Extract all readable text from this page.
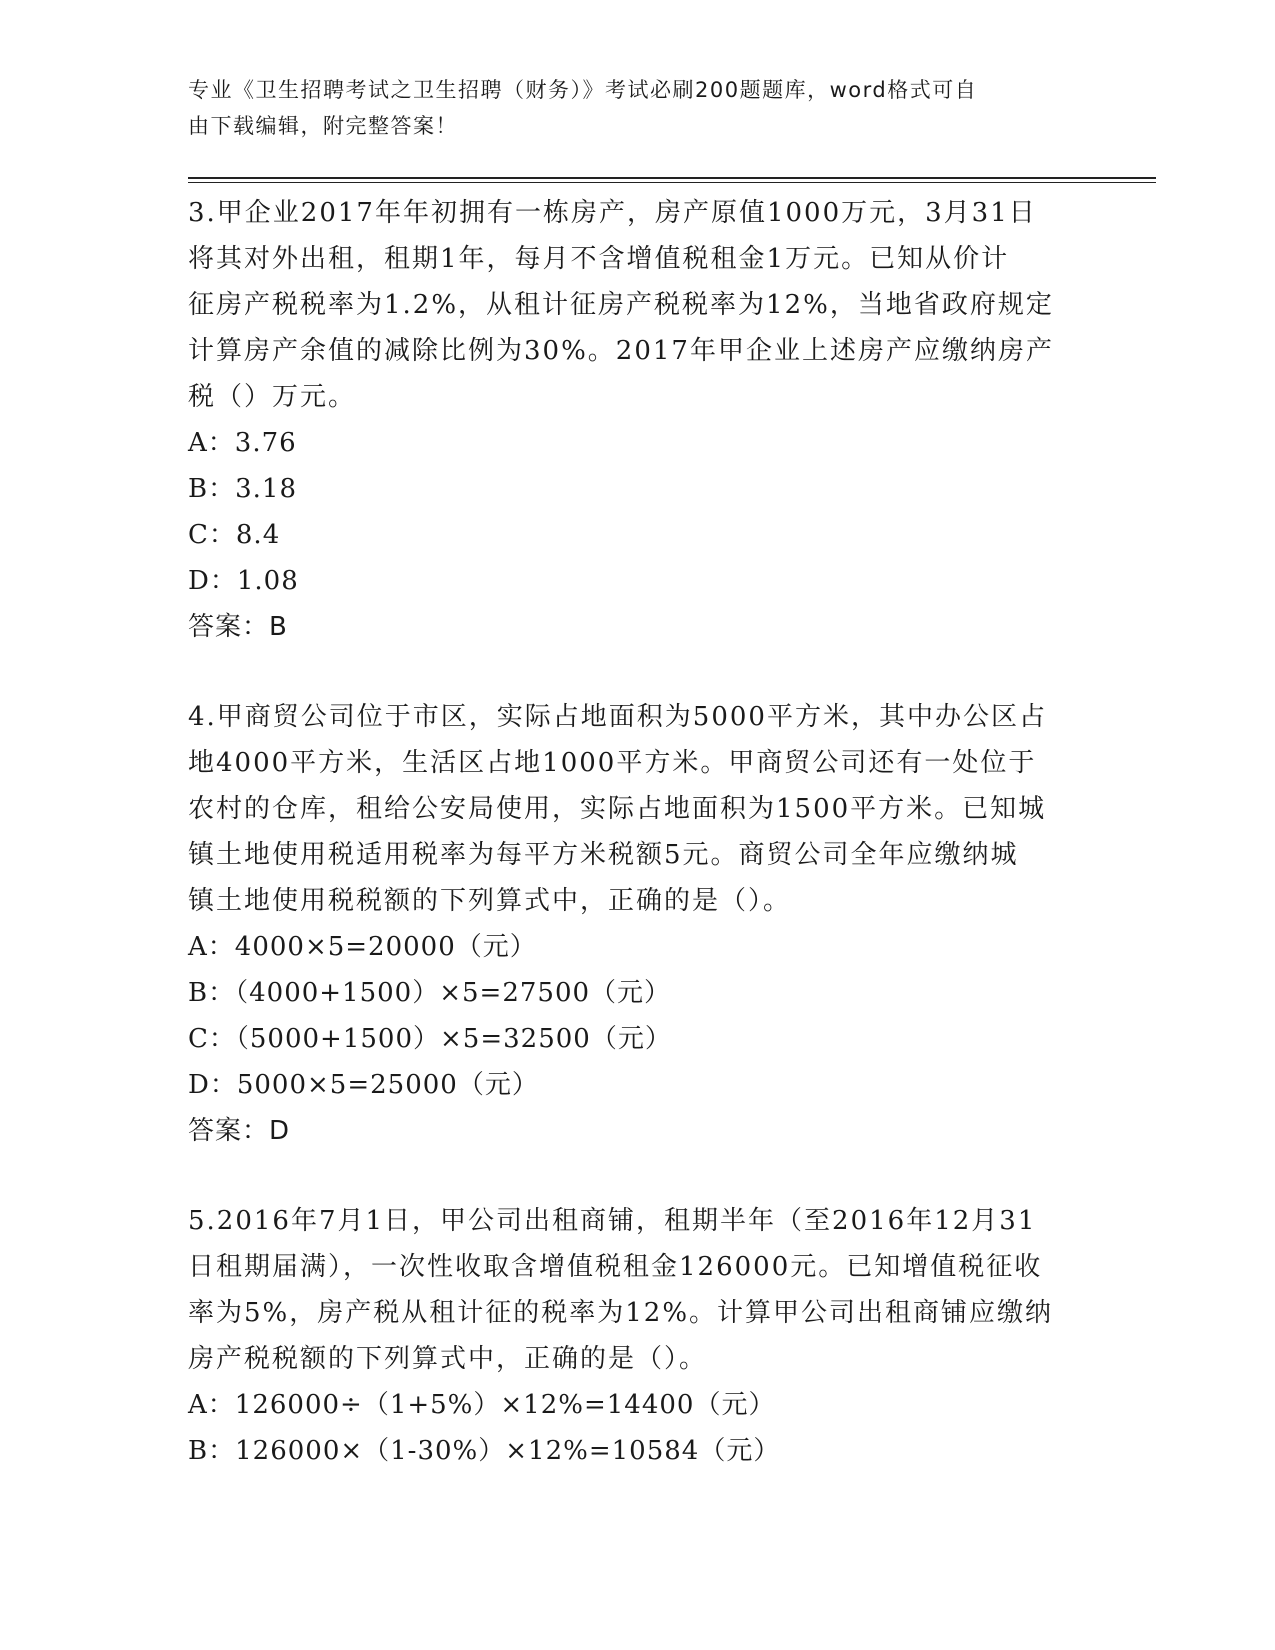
专业《卫生招聘考试之卫生招聘（财务）》考试必刷200题题库，word格式可自
由下载编辑，附完整答案！
3.甲企业2017年年初拥有一栋房产，房产原值1000万元，3月31日
将其对外出租，租期1年，每月不含增值税租金1万元。已知从价计
征房产税税率为1.2%，从租计征房产税税率为12%，当地省政府规定
计算房产余值的减除比例为30%。2017年甲企业上述房产应缴纳房产
税（）万元。
A：3.76
B：3.18
C：8.4
D：1.08
答案：B
4.甲商贸公司位于市区，实际占地面积为5000平方米，其中办公区占
地4000平方米，生活区占地1000平方米。甲商贸公司还有一处位于
农村的仓库，租给公安局使用，实际占地面积为1500平方米。已知城
镇土地使用税适用税率为每平方米税额5元。商贸公司全年应缴纳城
镇土地使用税税额的下列算式中，正确的是（）。
A：4000×5=20000（元）
B：（4000+1500）×5=27500（元）
C：（5000+1500）×5=32500（元）
D：5000×5=25000（元）
答案：D
5.2016年7月1日，甲公司出租商铺，租期半年（至2016年12月31
日租期届满），一次性收取含增值税租金126000元。已知增值税征收
率为5%，房产税从租计征的税率为12%。计算甲公司出租商铺应缴纳
房产税税额的下列算式中，正确的是（）。
A：126000÷（1+5%）×12%=14400（元）
B：126000×（1-30%）×12%=10584（元）
